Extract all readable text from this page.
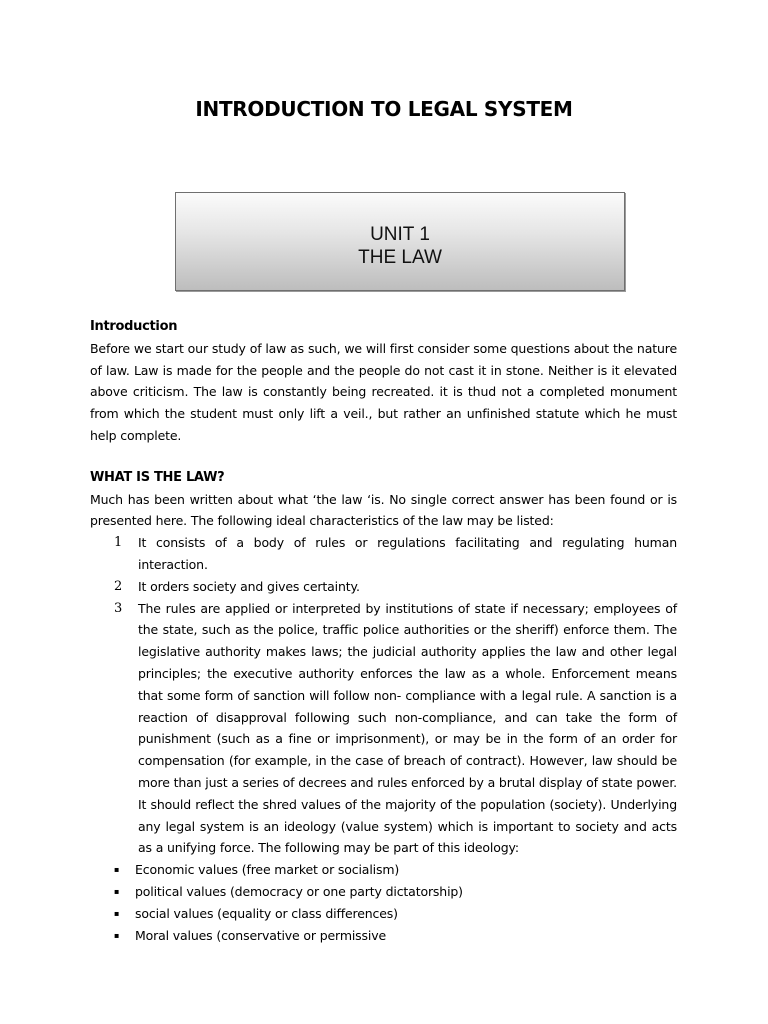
INTRODUCTION TO LEGAL SYSTEM
UNIT 1
THE LAW
Introduction
Before we start our study of law as such, we will first consider some questions about the nature of law. Law is made for the people and the people do not cast it in stone. Neither is it elevated above criticism. The law is constantly being recreated. it is thud not a completed monument from which the student must only lift a veil., but rather an unfinished statute which he must help complete.
WHAT IS THE LAW?
Much has been written about what ‘the law ‘is. No single correct answer has been found or is presented here. The following ideal characteristics of the law may be listed:
1 It consists of a body of rules or regulations facilitating and regulating human interaction.
2 It orders society and gives certainty.
3 The rules are applied or interpreted by institutions of state if necessary; employees of the state, such as the police, traffic police authorities or the sheriff) enforce them. The legislative authority makes laws; the judicial authority applies the law and other legal principles; the executive authority enforces the law as a whole. Enforcement means that some form of sanction will follow non- compliance with a legal rule. A sanction is a reaction of disapproval following such non-compliance, and can take the form of punishment (such as a fine or imprisonment), or may be in the form of an order for compensation (for example, in the case of breach of contract). However, law should be more than just a series of decrees and rules enforced by a brutal display of state power. It should reflect the shred values of the majority of the population (society). Underlying any legal system is an ideology (value system) which is important to society and acts as a unifying force. The following may be part of this ideology:
▪ Economic values (free market or socialism)
▪ political values (democracy or one party dictatorship)
▪ social values (equality or class differences)
▪ Moral values (conservative or permissive
